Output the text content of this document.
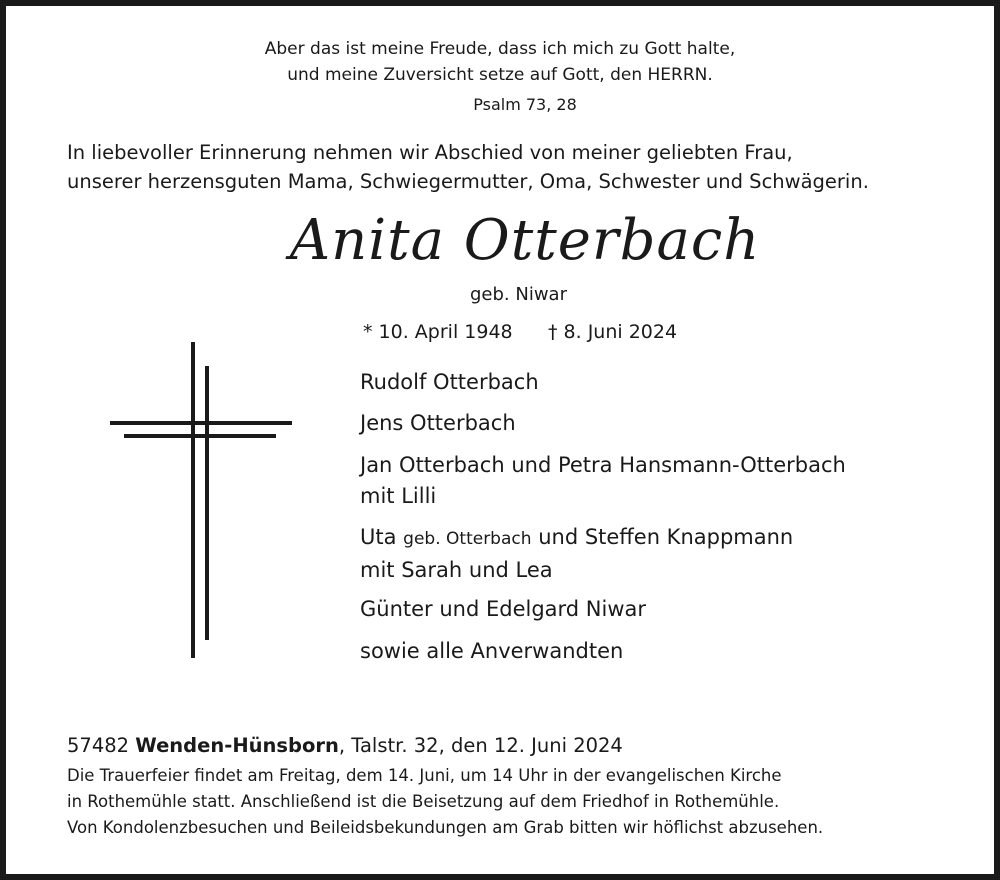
Aber das ist meine Freude, dass ich mich zu Gott halte,
und meine Zuversicht setze auf Gott, den HERRN.
Psalm 73, 28
In liebevoller Erinnerung nehmen wir Abschied von meiner geliebten Frau,
unserer herzensguten Mama, Schwiegermutter, Oma, Schwester und Schwägerin.
Anita Otterbach
geb. Niwar
* 10. April 1948 † 8. Juni 2024
Rudolf Otterbach
Jens Otterbach
Jan Otterbach und Petra Hansmann-Otterbach
mit Lilli
Uta geb. Otterbach und Steffen Knappmann
mit Sarah und Lea
Günter und Edelgard Niwar
sowie alle Anverwandten
57482 Wenden-Hünsborn, Talstr. 32, den 12. Juni 2024
Die Trauerfeier findet am Freitag, dem 14. Juni, um 14 Uhr in der evangelischen Kirche
in Rothemühle statt. Anschließend ist die Beisetzung auf dem Friedhof in Rothemühle.
Von Kondolenzbesuchen und Beileidsbekundungen am Grab bitten wir höflichst abzusehen.
